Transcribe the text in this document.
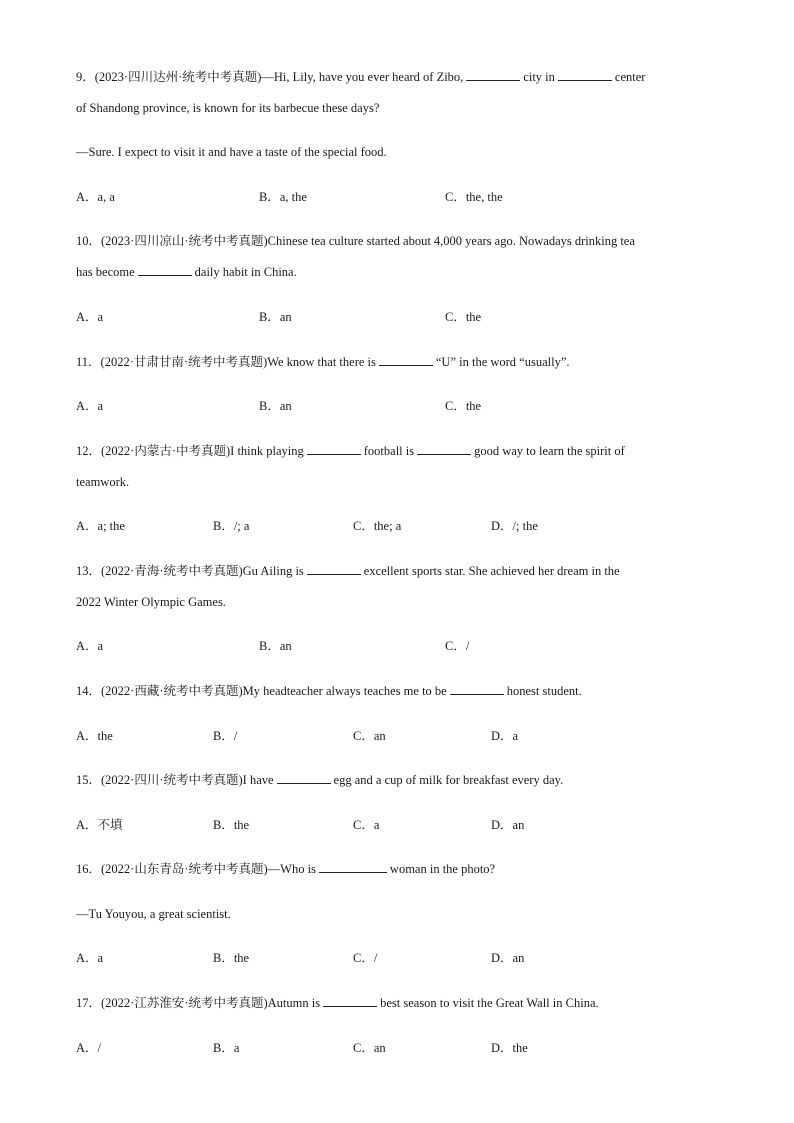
9．(2023·四川达州·统考中考真题)—Hi, Lily, have you ever heard of Zibo,	city in	center
of Shandong province, is known for its barbecue these days?
—Sure. I expect to visit it and have a taste of the special food.
A．a, a	B．a, the	C．the, the
10．(2023·四川凉山·统考中考真题)Chinese tea culture started about 4,000 years ago. Nowadays drinking tea
has become	daily habit in China.
A．a	B．an	C．the
11．(2022·甘肃甘南·统考中考真题)We know that there is	“U” in the word “usually”.
A．a	B．an	C．the
12．(2022·内蒙古·中考真题)I think playing	football is	good way to learn the spirit of
teamwork.
A．a; the	B．/; a	C．the; a	D．/; the
13．(2022·青海·统考中考真题)Gu Ailing is	excellent sports star. She achieved her dream in the
2022 Winter Olympic Games.
A．a	B．an	C．/
14．(2022·西藏·统考中考真题)My headteacher always teaches me to be	honest student.
A．the	B．/	C．an	D．a
15．(2022·四川·统考中考真题)I have	egg and a cup of milk for breakfast every day.
A．不填	B．the	C．a	D．an
16．(2022·山东青岛·统考中考真题)—Who is	woman in the photo?
—Tu Youyou, a great scientist.
A．a	B．the	C．/	D．an
17．(2022·江苏淮安·统考中考真题)Autumn is	best season to visit the Great Wall in China.
A．/	B．a	C．an	D．the
